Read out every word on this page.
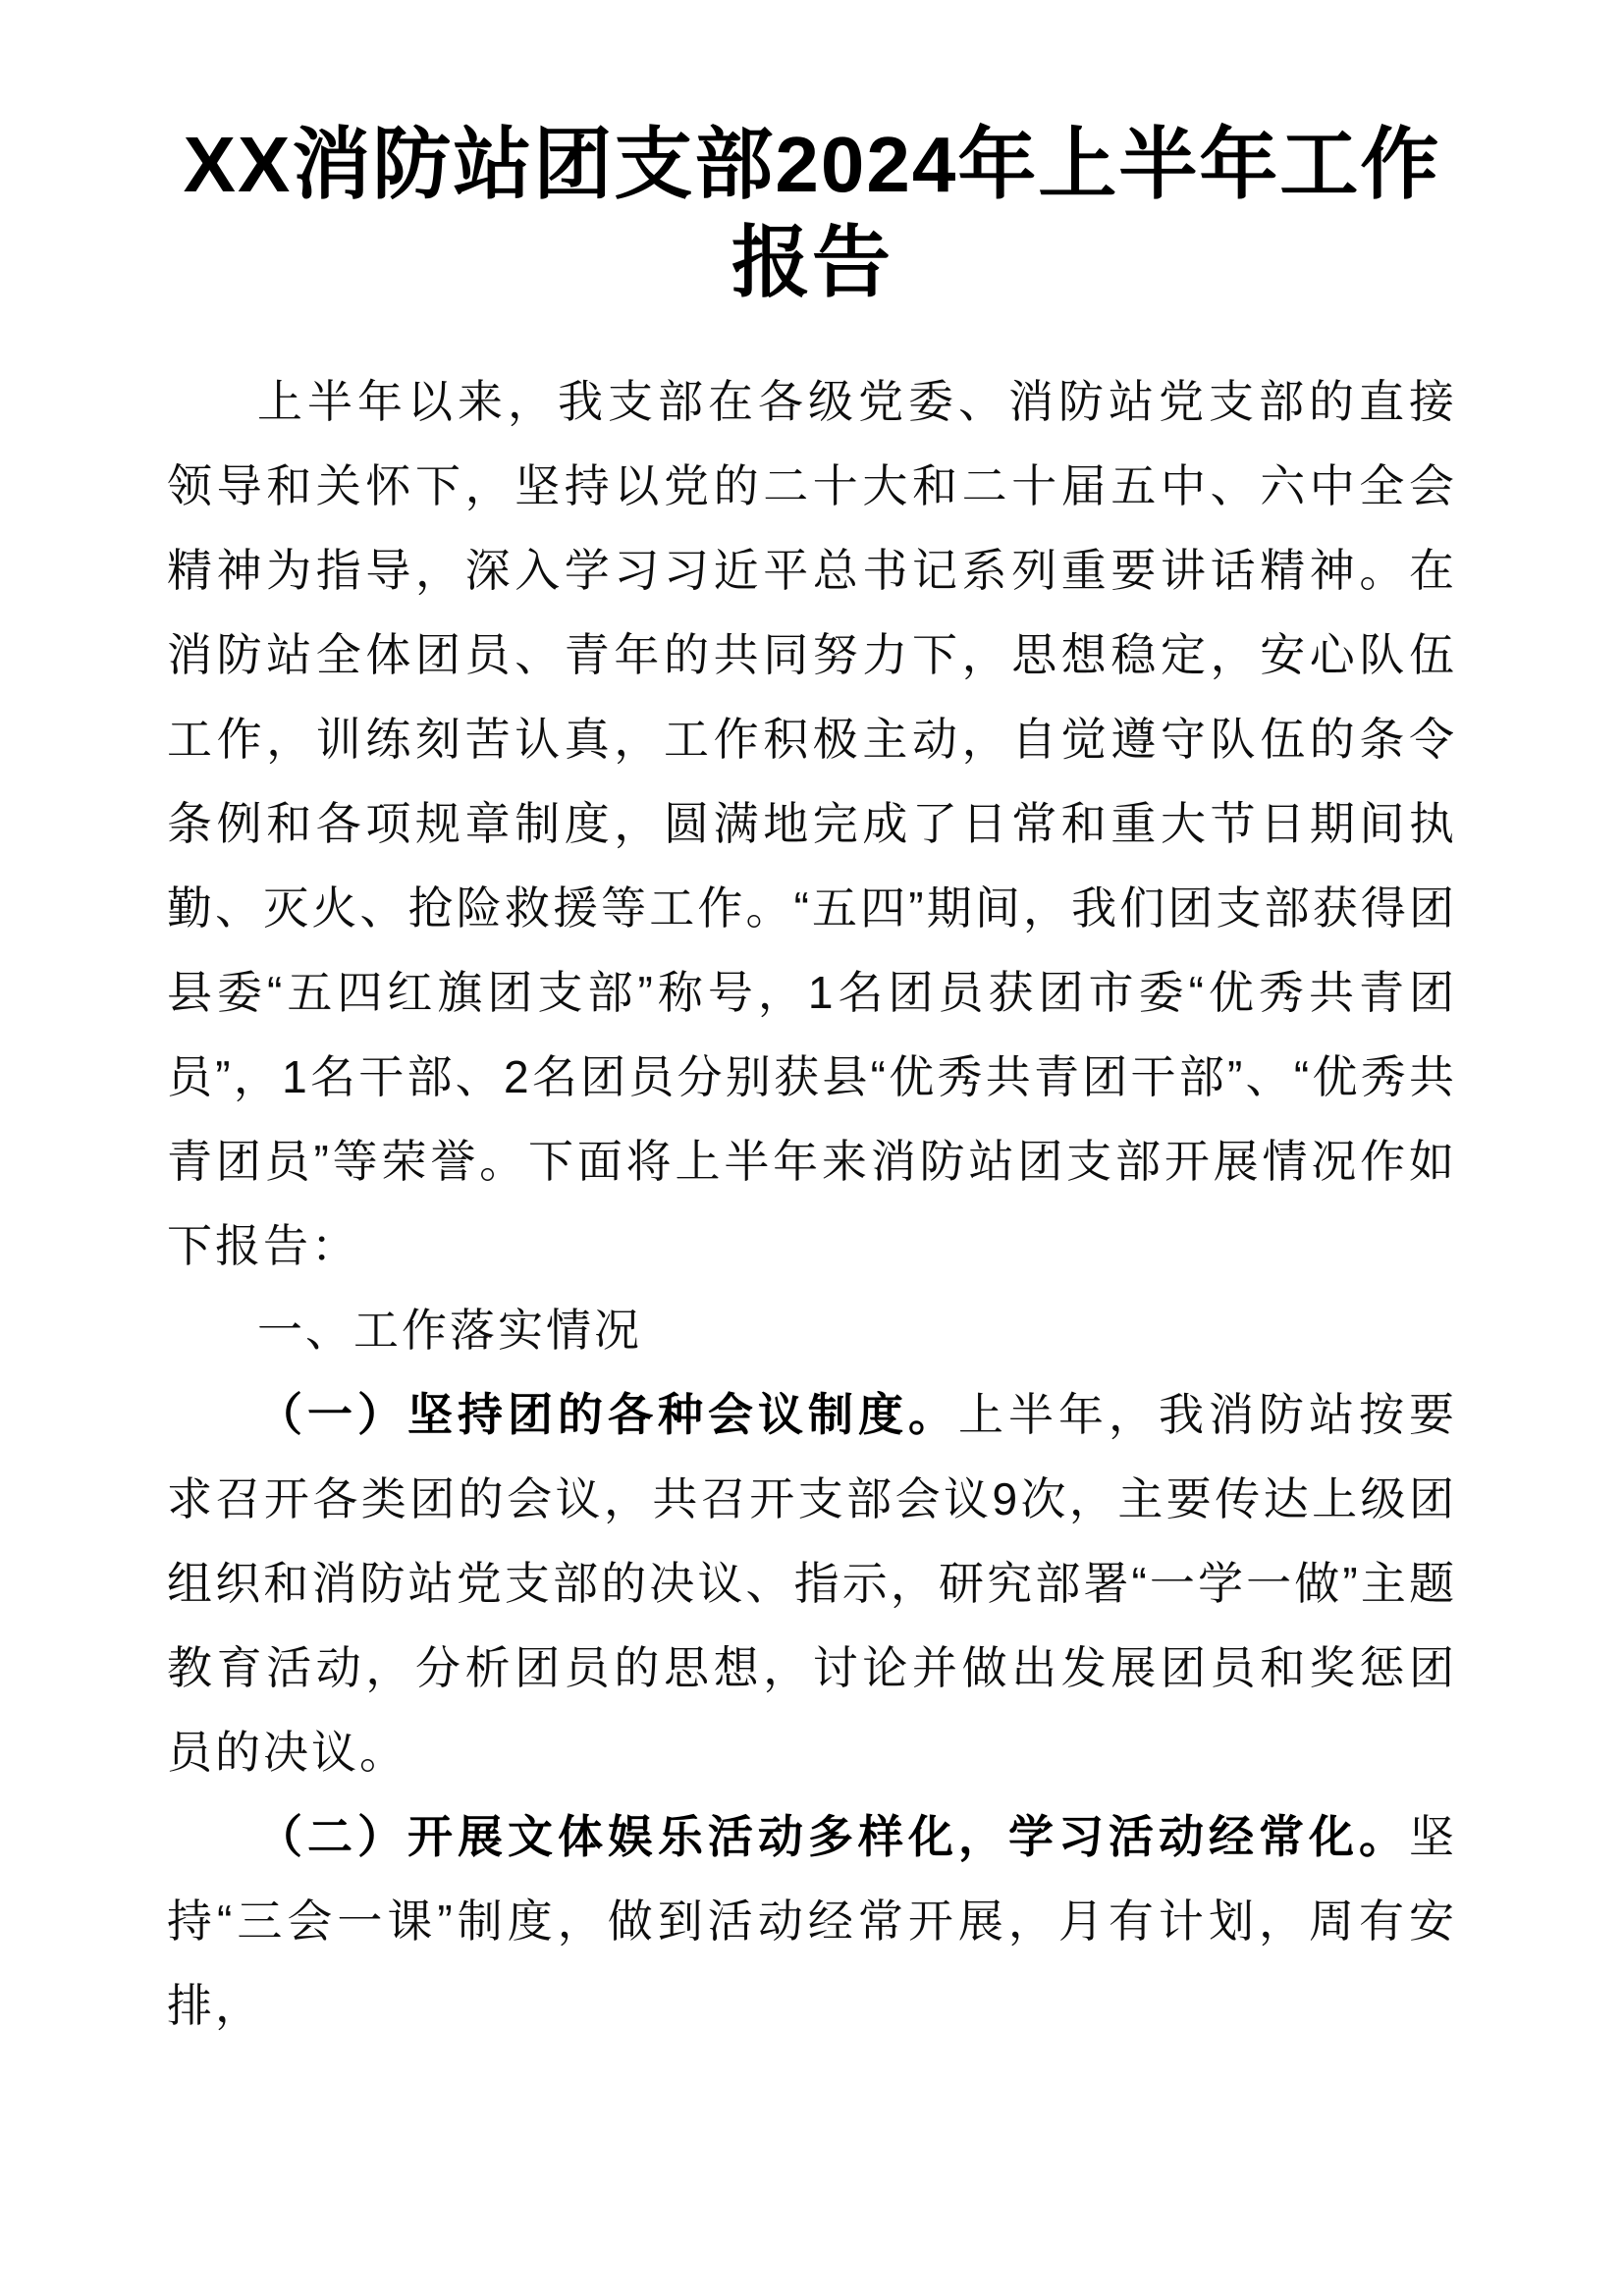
XX消防站团支部2024年上半年工作报告

上半年以来，我支部在各级党委、消防站党支部的直接领导和关怀下，坚持以党的二十大和二十届五中、六中全会精神为指导，深入学习习近平总书记系列重要讲话精神。在消防站全体团员、青年的共同努力下，思想稳定，安心队伍工作，训练刻苦认真，工作积极主动，自觉遵守队伍的条令条例和各项规章制度，圆满地完成了日常和重大节日期间执勤、灭火、抢险救援等工作。“五四”期间，我们团支部获得团县委“五四红旗团支部”称号，1名团员获团市委“优秀共青团员”，1名干部、2名团员分别获县“优秀共青团干部”、“优秀共青团员”等荣誉。下面将上半年来消防站团支部开展情况作如下报告：

一、工作落实情况

（一）坚持团的各种会议制度。上半年，我消防站按要求召开各类团的会议，共召开支部会议9次，主要传达上级团组织和消防站党支部的决议、指示，研究部署“一学一做”主题教育活动，分析团员的思想，讨论并做出发展团员和奖惩团员的决议。

（二）开展文体娱乐活动多样化，学习活动经常化。坚持“三会一课”制度，做到活动经常开展，月有计划，周有安排，
